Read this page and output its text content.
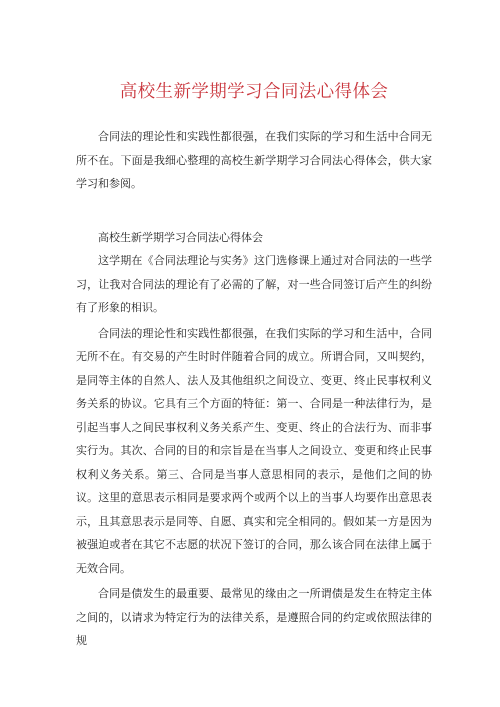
高校生新学期学习合同法心得体会

合同法的理论性和实践性都很强，在我们实际的学习和生活中合同无所不在。下面是我细心整理的高校生新学期学习合同法心得体会，供大家学习和参阅。

高校生新学期学习合同法心得体会

这学期在《合同法理论与实务》这门选修课上通过对合同法的一些学习，让我对合同法的理论有了必需的了解，对一些合同签订后产生的纠纷有了形象的相识。

合同法的理论性和实践性都很强，在我们实际的学习和生活中，合同无所不在。有交易的产生时时伴随着合同的成立。所谓合同，又叫契约，是同等主体的自然人、法人及其他组织之间设立、变更、终止民事权利义务关系的协议。它具有三个方面的特征：第一、合同是一种法律行为，是引起当事人之间民事权利义务关系产生、变更、终止的合法行为、而非事实行为。其次、合同的目的和宗旨是在当事人之间设立、变更和终止民事权利义务关系。第三、合同是当事人意思相同的表示，是他们之间的协议。这里的意思表示相同是要求两个或两个以上的当事人均要作出意思表示，且其意思表示是同等、自愿、真实和完全相同的。假如某一方是因为被强迫或者在其它不志愿的状况下签订的合同，那么该合同在法律上属于无效合同。

合同是债发生的最重要、最常见的缘由之一所谓债是发生在特定主体之间的，以请求为特定行为的法律关系，是遵照合同的约定或依照法律的规
